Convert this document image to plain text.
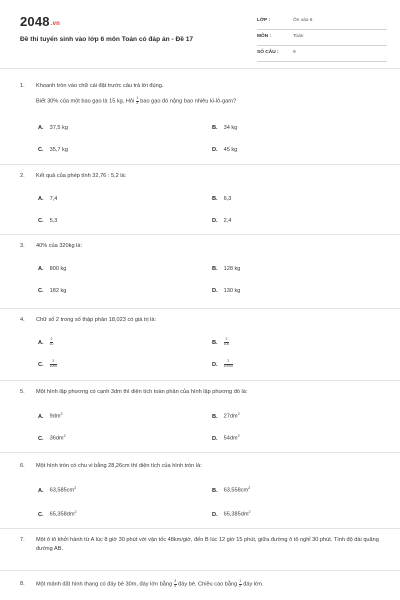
2048.vn
Đề thi tuyển sinh vào lớp 6 môn Toán có đáp án - Đề 17
LỚP :	Ôn vào 6
MÔN :	Toán
SỐ CÂU :	9
1. Khoanh tròn vào chữ cái đặt trước câu trả lời đúng.
Biết 30% của một bao gạo là 15 kg. Hỏi $\frac{1}{2}$ bao gạo đó nặng bao nhiêu ki-lô-gam?
A. 37,5 kg	B. 34 kg
C. 35,7 kg	D. 45 kg
2. Kết quả của phép tính 32,76 : 5,2 là:
A. 7,4	B. 6,3
C. 5,3	D. 2,4
3. 40% của 320kg là:
A. 800 kg	B. 128 kg
C. 182 kg	D. 130 kg
4. Chữ số 2 trong số thập phân 18,023 có giá trị là:
A. $\frac{2}{10}$	B. $\frac{2}{100}$
C. $\frac{2}{1000}$	D. $\frac{2}{10000}$
5. Một hình lập phương có cạnh 3dm thì diện tích toàn phần của hình lập phương đó là:
A. $9dm^2$	B. $27dm^2$
C. $36dm^2$	D. $54dm^2$
6. Một hình tròn có chu vi bằng 28,26cm thì diện tích của hình tròn là:
A. $63,585cm^2$	B. $63,558cm^2$
C. $65,358dm^2$	D. $65,385dm^2$
7. Một ô tô khởi hành từ A lúc 8 giờ 30 phút với vận tốc 48km/giờ, đến B lúc 12 giờ 15 phút, giữa đường ô tô nghỉ 30 phút. Tính độ dài quãng đường AB.
8. Một mảnh đất hình thang có đáy bé 30m, đáy lớn bằng $\frac{3}{2}$ đáy bé. Chiều cao bằng $\frac{1}{2}$ đáy lớn.
